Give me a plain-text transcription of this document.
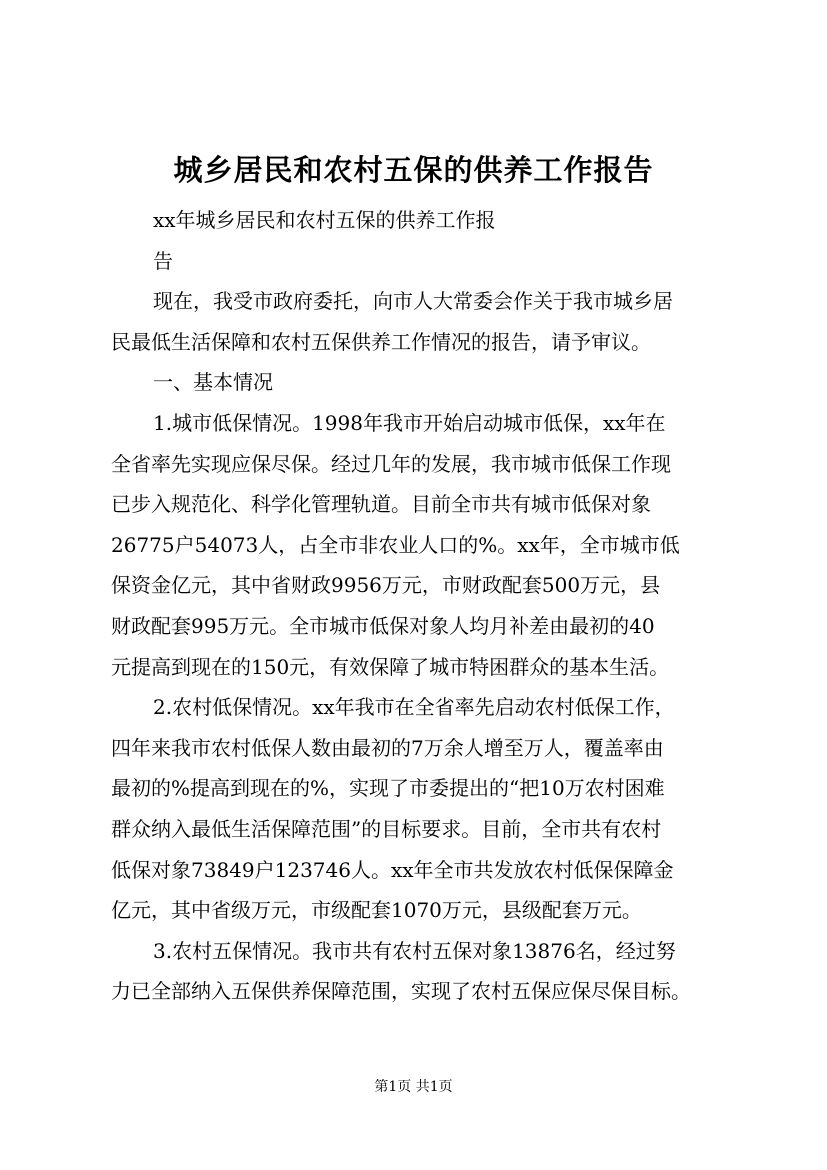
城乡居民和农村五保的供养工作报告

xx年城乡居民和农村五保的供养工作报

告

现在，我受市政府委托，向市人大常委会作关于我市城乡居

民最低生活保障和农村五保供养工作情况的报告，请予审议。

一、基本情况

1.城市低保情况。1998年我市开始启动城市低保，xx年在

全省率先实现应保尽保。经过几年的发展，我市城市低保工作现

已步入规范化、科学化管理轨道。目前全市共有城市低保对象

26775户54073人，占全市非农业人口的%。xx年，全市城市低

保资金亿元，其中省财政9956万元，市财政配套500万元，县

财政配套995万元。全市城市低保对象人均月补差由最初的40

元提高到现在的150元，有效保障了城市特困群众的基本生活。

2.农村低保情况。xx年我市在全省率先启动农村低保工作，

四年来我市农村低保人数由最初的7万余人增至万人，覆盖率由

最初的%提高到现在的%，实现了市委提出的“把10万农村困难

群众纳入最低生活保障范围”的目标要求。目前，全市共有农村

低保对象73849户123746人。xx年全市共发放农村低保保障金

亿元，其中省级万元，市级配套1070万元，县级配套万元。

3.农村五保情况。我市共有农村五保对象13876名，经过努

力已全部纳入五保供养保障范围，实现了农村五保应保尽保目标。

第1页 共1页
